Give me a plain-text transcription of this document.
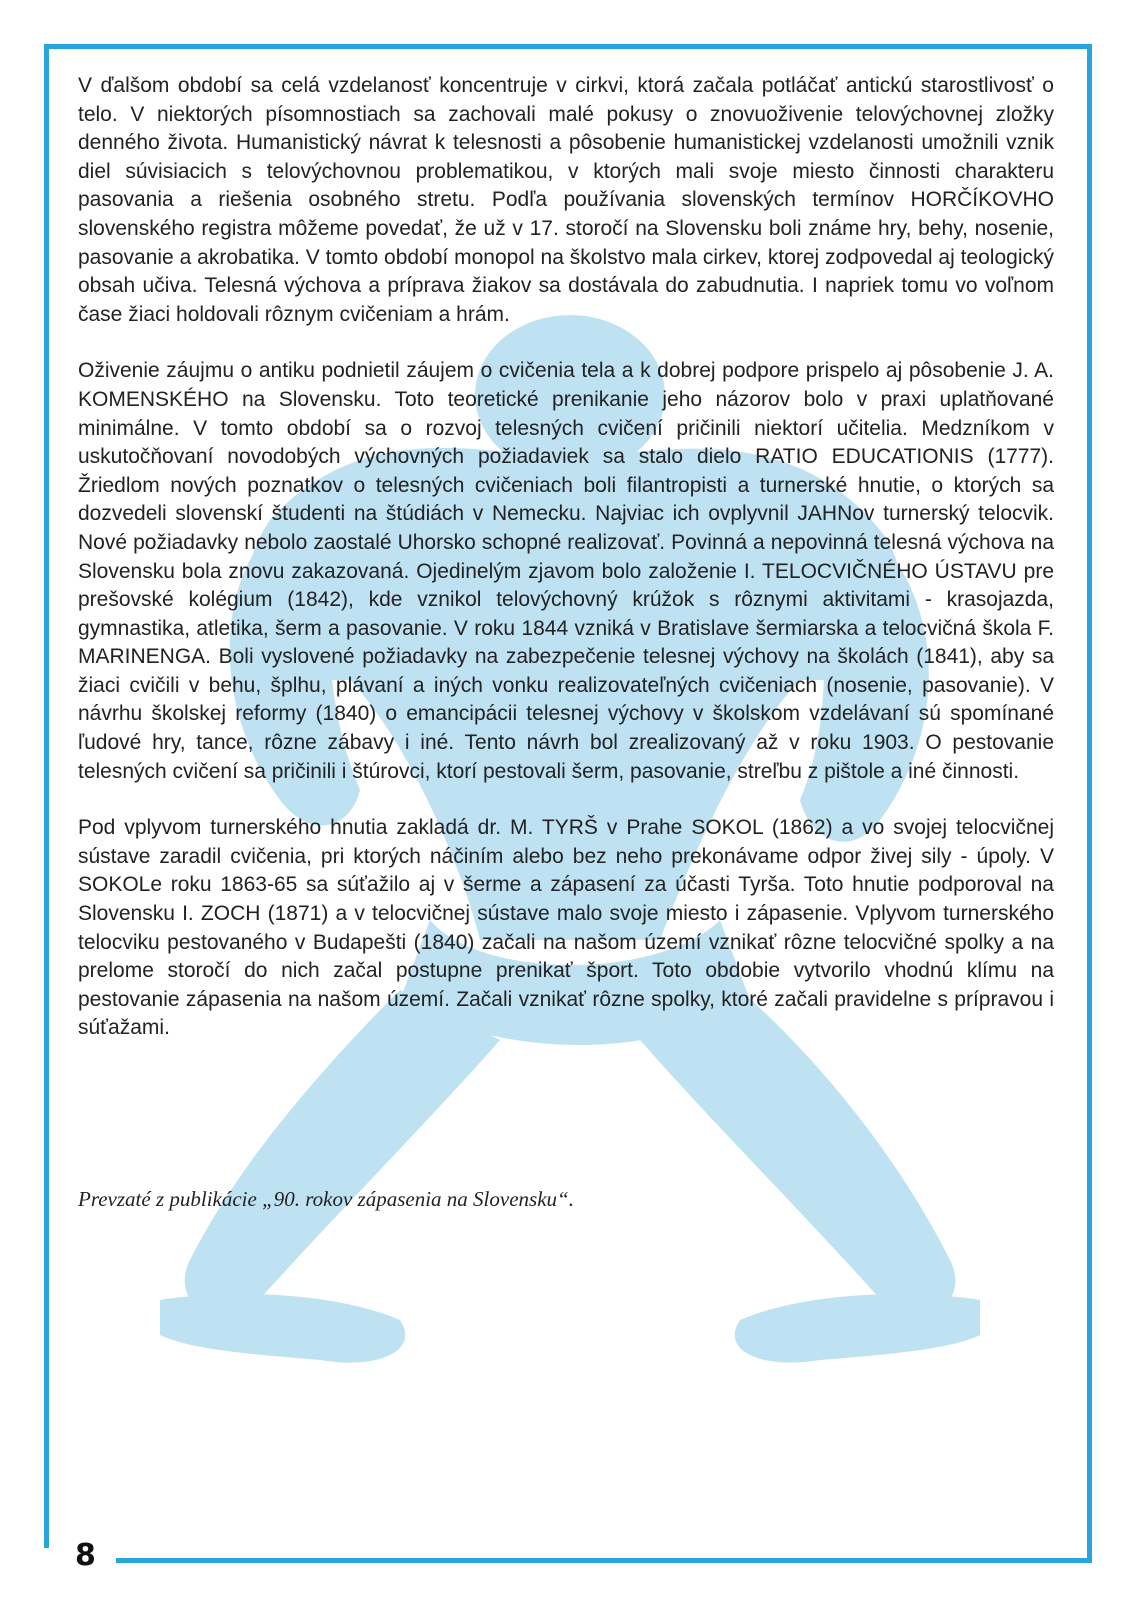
V ďalšom období sa celá vzdelanosť koncentruje v cirkvi, ktorá začala potláčať antickú starostlivosť o telo. V niektorých písomnostiach sa zachovali malé pokusy o znovuoživenie telovýchovnej zložky denného života. Humanistický návrat k telesnosti a pôsobenie humanistickej vzdelanosti umožnili vznik diel súvisiacich s telovýchovnou problematikou, v ktorých mali svoje miesto činnosti charakteru pasovania a riešenia osobného stretu. Podľa používania slovenských termínov HORČÍKOVHO slovenského registra môžeme povedať, že už v 17. storočí na Slovensku boli známe hry, behy, nosenie, pasovanie a akrobatika. V tomto období monopol na školstvo mala cirkev, ktorej zodpovedal aj teologický obsah učiva. Telesná výchova a príprava žiakov sa dostávala do zabudnutia. I napriek tomu vo voľnom čase žiaci holdovali rôznym cvičeniam a hrám.

Oživenie záujmu o antiku podnietil záujem o cvičenia tela a k dobrej podpore prispelo aj pôsobenie J. A. KOMENSKÉHO na Slovensku. Toto teoretické prenikanie jeho názorov bolo v praxi uplatňované minimálne. V tomto období sa o rozvoj telesných cvičení pričinili niektorí učitelia. Medzníkom v uskutočňovaní novodobých výchovných požiadaviek sa stalo dielo RATIO EDUCATIONIS (1777). Žriedlom nových poznatkov o telesných cvičeniach boli filantropisti a turnerské hnutie, o ktorých sa dozvedeli slovenskí študenti na štúdiách v Nemecku. Najviac ich ovplyvnil JAHNov turnerský telocvik. Nové požiadavky nebolo zaostalé Uhorsko schopné realizovať. Povinná a nepovinná telesná výchova na Slovensku bola znovu zakazovaná. Ojedinelým zjavom bolo založenie I. TELOCVIČNÉHO ÚSTAVU pre prešovské kolégium (1842), kde vznikol telovýchovný krúžok s rôznymi aktivitami - krasojazda, gymnastika, atletika, šerm a pasovanie. V roku 1844 vzniká v Bratislave šermiarska a telocvičná škola F. MARINENGA. Boli vyslovené požiadavky na zabezpečenie telesnej výchovy na školách (1841), aby sa žiaci cvičili v behu, šplhu, plávaní a iných vonku realizovateľných cvičeniach (nosenie, pasovanie). V návrhu školskej reformy (1840) o emancipácii telesnej výchovy v školskom vzdelávaní sú spomínané ľudové hry, tance, rôzne zábavy i iné. Tento návrh bol zrealizovaný až v roku 1903. O pestovanie telesných cvičení sa pričinili i štúrovci, ktorí pestovali šerm, pasovanie, streľbu z pištole a iné činnosti.

Pod vplyvom turnerského hnutia zakladá dr. M. TYRŠ v Prahe SOKOL (1862) a vo svojej telocvičnej sústave zaradil cvičenia, pri ktorých náčiním alebo bez neho prekonávame odpor živej sily - úpoly. V SOKOLe roku 1863-65 sa súťažilo aj v šerme a zápasení za účasti Tyrša. Toto hnutie podporoval na Slovensku I. ZOCH (1871) a v telocvičnej sústave malo svoje miesto i zápasenie. Vplyvom turnerského telocviku pestovaného v Budapešti (1840) začali na našom území vznikať rôzne telocvičné spolky a na prelome storočí do nich začal postupne prenikať šport. Toto obdobie vytvorilo vhodnú klímu na pestovanie zápasenia na našom území. Začali vznikať rôzne spolky, ktoré začali pravidelne s prípravou i súťažami.

Prevzaté z publikácie „90. rokov zápasenia na Slovensku“.
8
